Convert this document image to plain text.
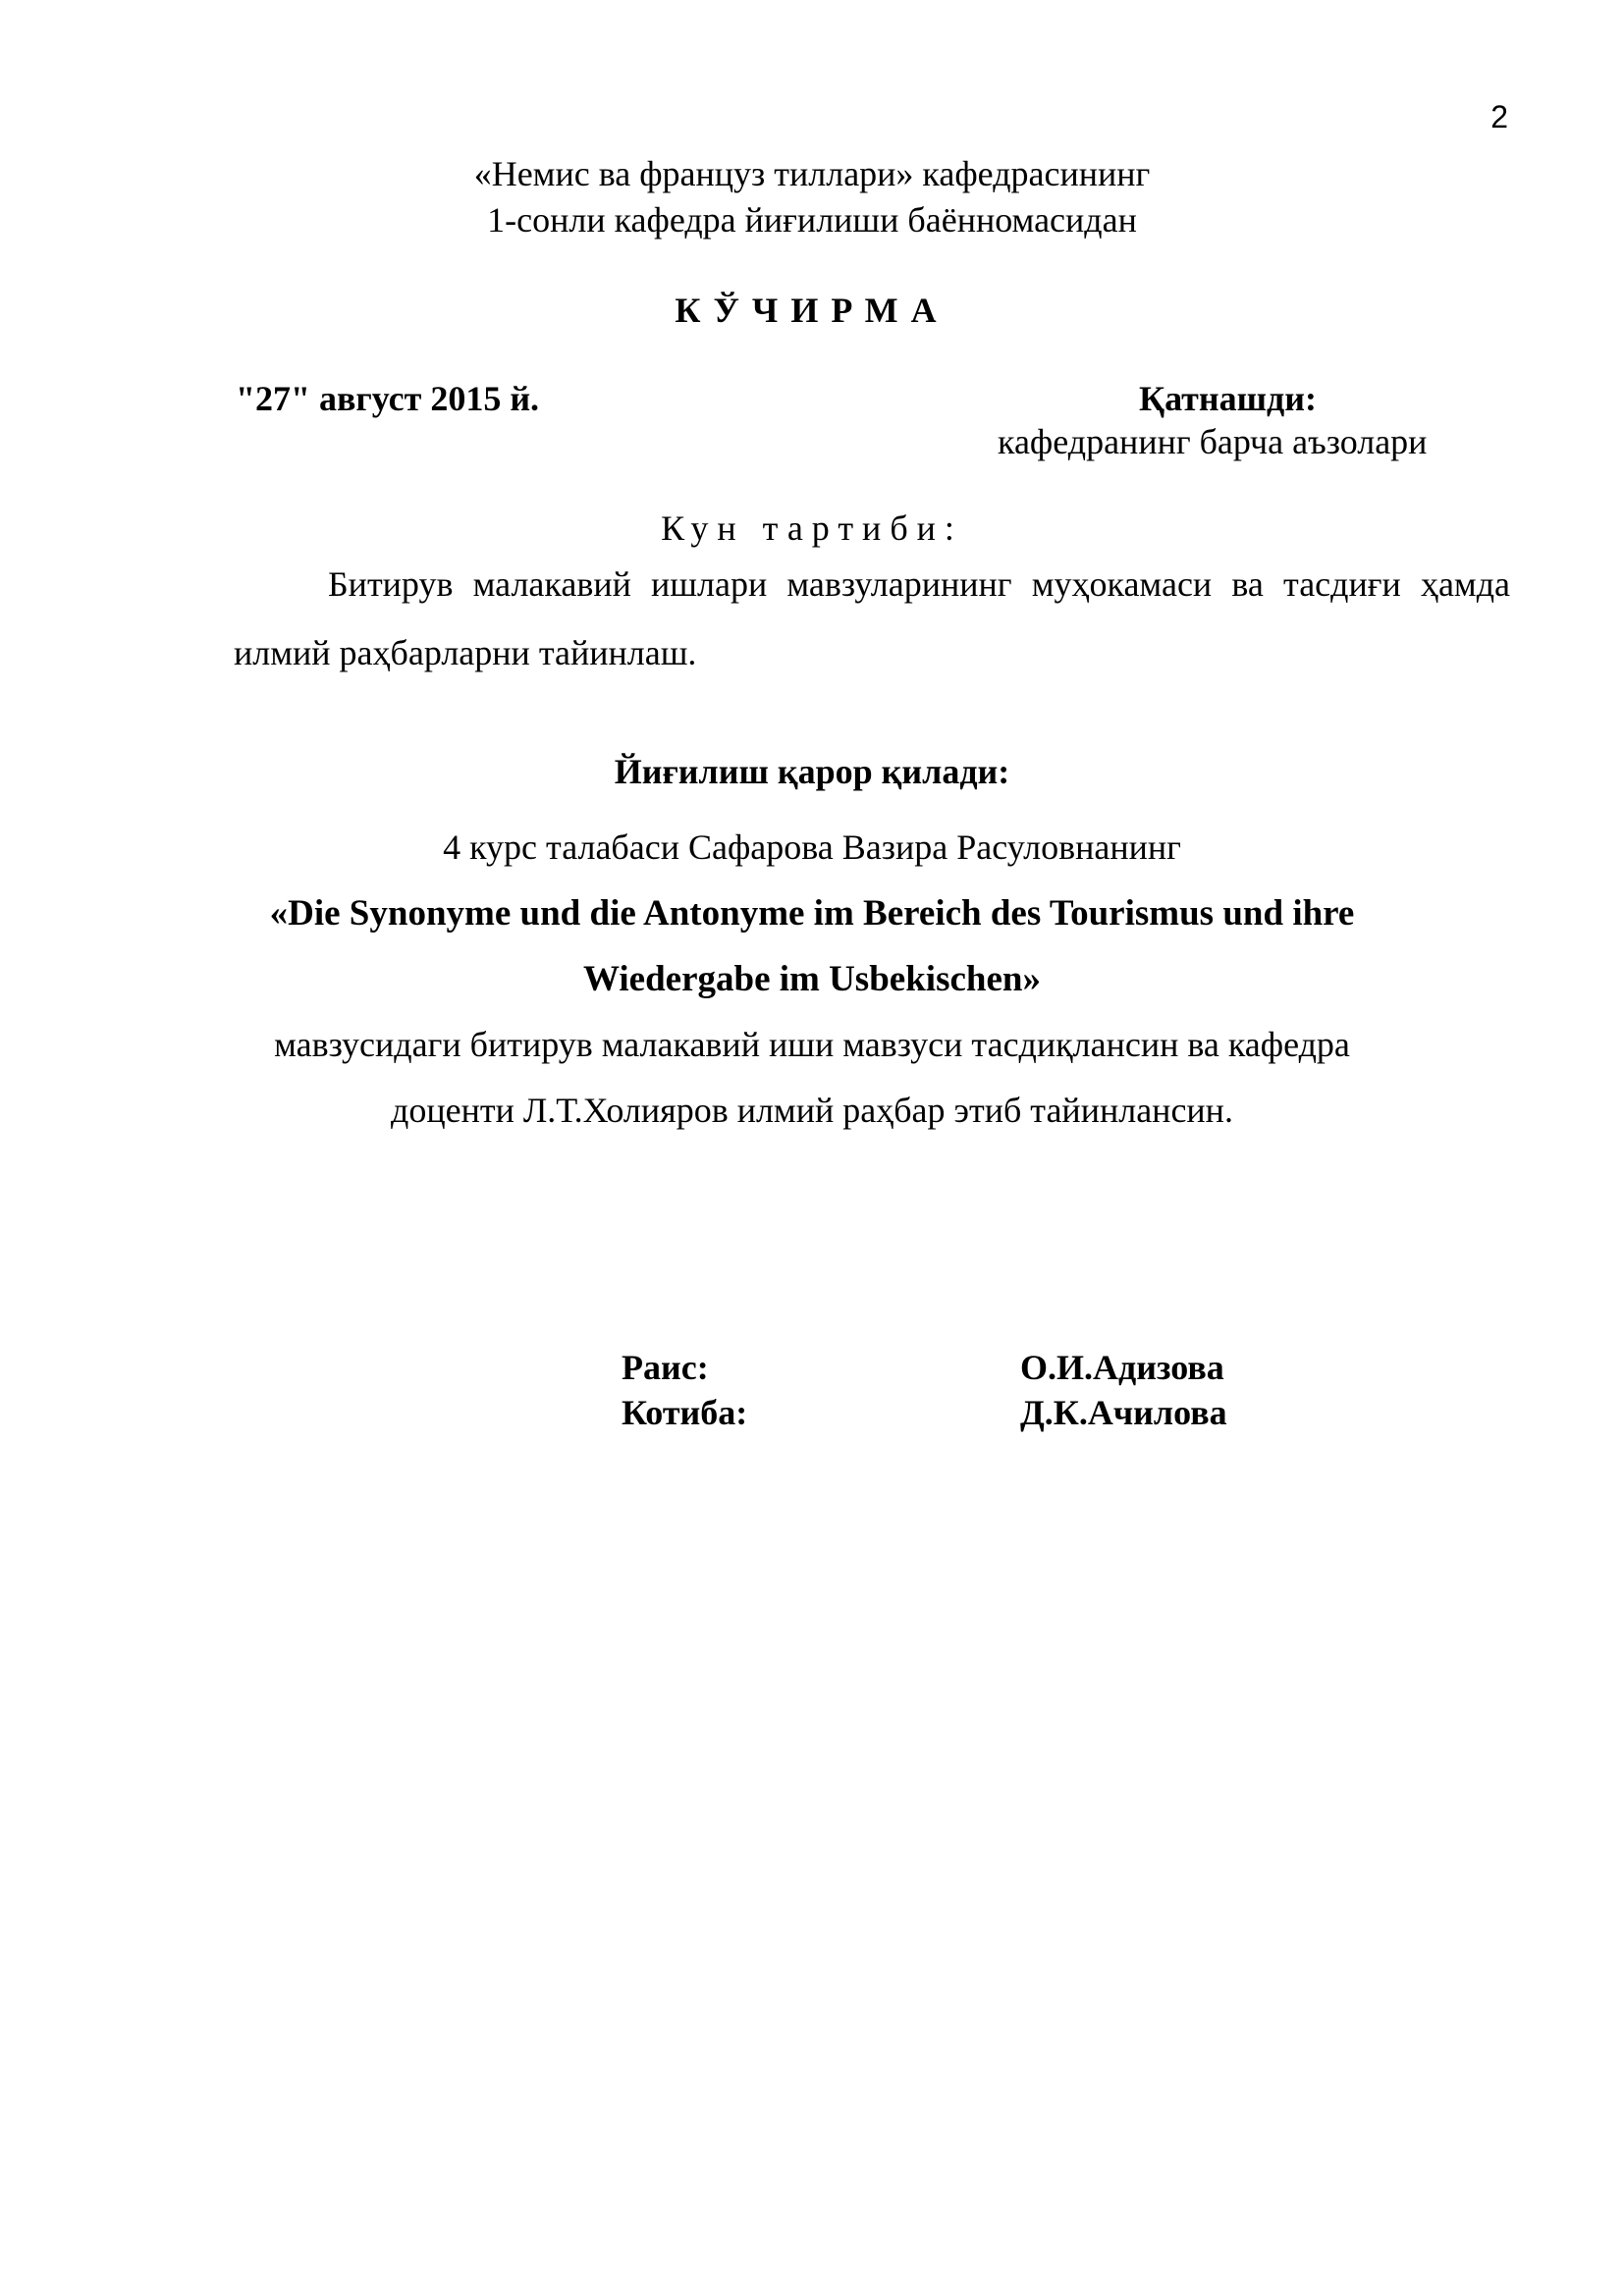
2
«Немис ва француз тиллари» кафедрасининг
1-сонли кафедра йиғилиши баённомасидан
КЎЧИРМА
"27" август 2015 й.	Қатнашди:
кафедранинг барча аъзолари
Кун тартиби:
Битирув малакавий ишлари мавзуларининг муҳокамаси ва тасдиғи ҳамда илмий раҳбарларни тайинлаш.
Йиғилиш қарор қилади:
4 курс талабаси Сафарова Вазира Расуловнанинг
«Die Synonyme und die Antonyme im Bereich des Tourismus und ihre
Wiedergabe im Usbekischen»
мавзусидаги битирув малакавий иши мавзуси тасдиқлансин ва кафедра
доценти Л.Т.Холияров илмий раҳбар этиб тайинлансин.
Раис:	О.И.Адизова
Котиба:	Д.К.Ачилова
